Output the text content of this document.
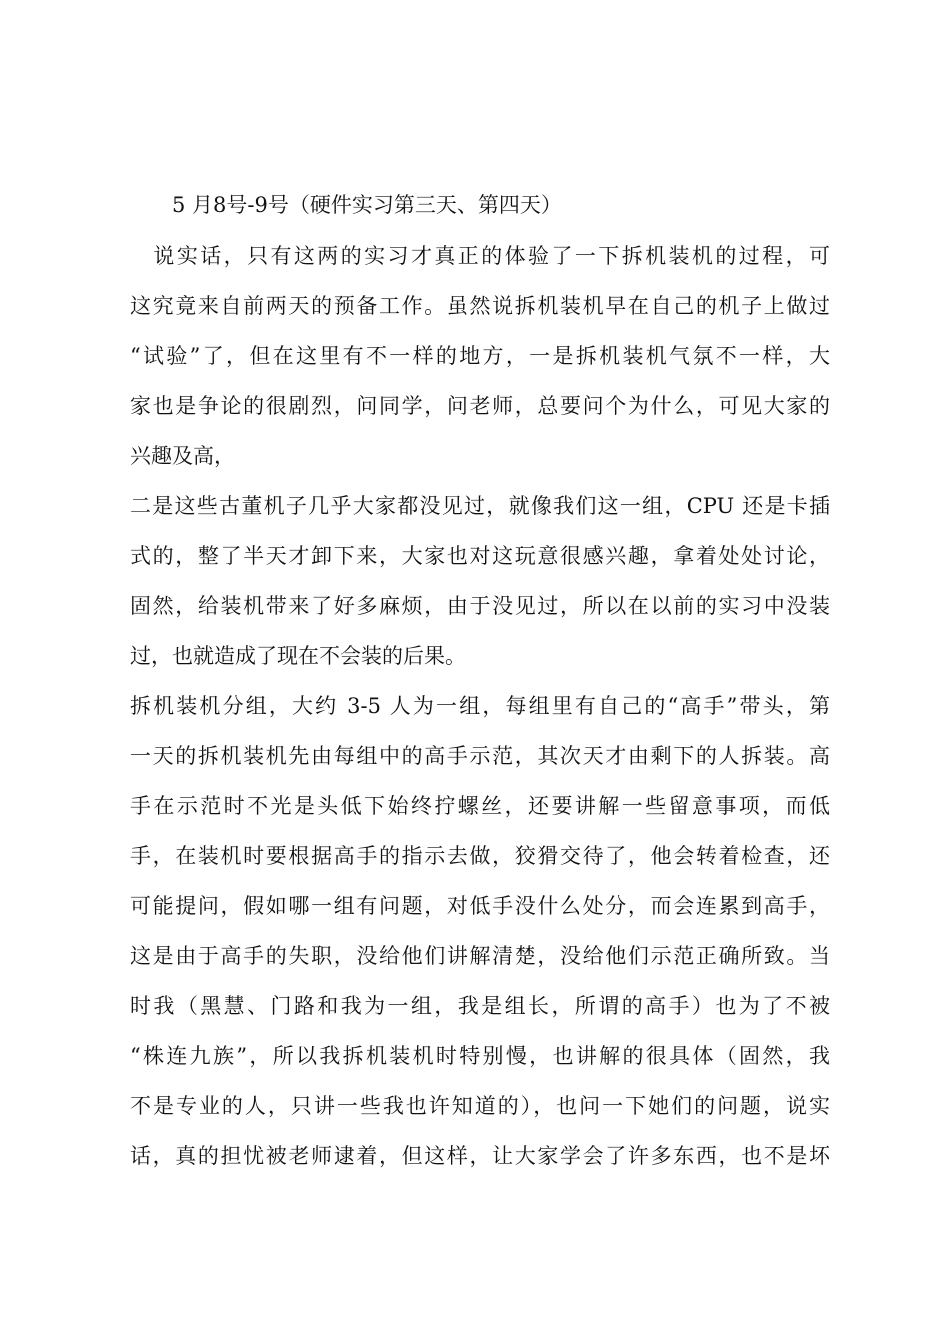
5 月8号-9号（硬件实习第三天、第四天）
　说实话，只有这两的实习才真正的体验了一下拆机装机的过程，可
这究竟来自前两天的预备工作。虽然说拆机装机早在自己的机子上做过
“试验”了，但在这里有不一样的地方，一是拆机装机气氛不一样，大
家也是争论的很剧烈，问同学，问老师，总要问个为什么，可见大家的
兴趣及高，
二是这些古董机子几乎大家都没见过，就像我们这一组，CPU 还是卡插
式的，整了半天才卸下来，大家也对这玩意很感兴趣，拿着处处讨论，
固然，给装机带来了好多麻烦，由于没见过，所以在以前的实习中没装
过，也就造成了现在不会装的后果。
拆机装机分组，大约 3-5 人为一组，每组里有自己的“高手”带头，第
一天的拆机装机先由每组中的高手示范，其次天才由剩下的人拆装。高
手在示范时不光是头低下始终拧螺丝，还要讲解一些留意事项，而低
手，在装机时要根据高手的指示去做，狡猾交待了，他会转着检查，还
可能提问，假如哪一组有问题，对低手没什么处分，而会连累到高手，
这是由于高手的失职，没给他们讲解清楚，没给他们示范正确所致。当
时我（黑慧、门路和我为一组，我是组长，所谓的高手）也为了不被
“株连九族”，所以我拆机装机时特别慢，也讲解的很具体（固然，我
不是专业的人，只讲一些我也许知道的），也问一下她们的问题，说实
话，真的担忧被老师逮着，但这样，让大家学会了许多东西，也不是坏
